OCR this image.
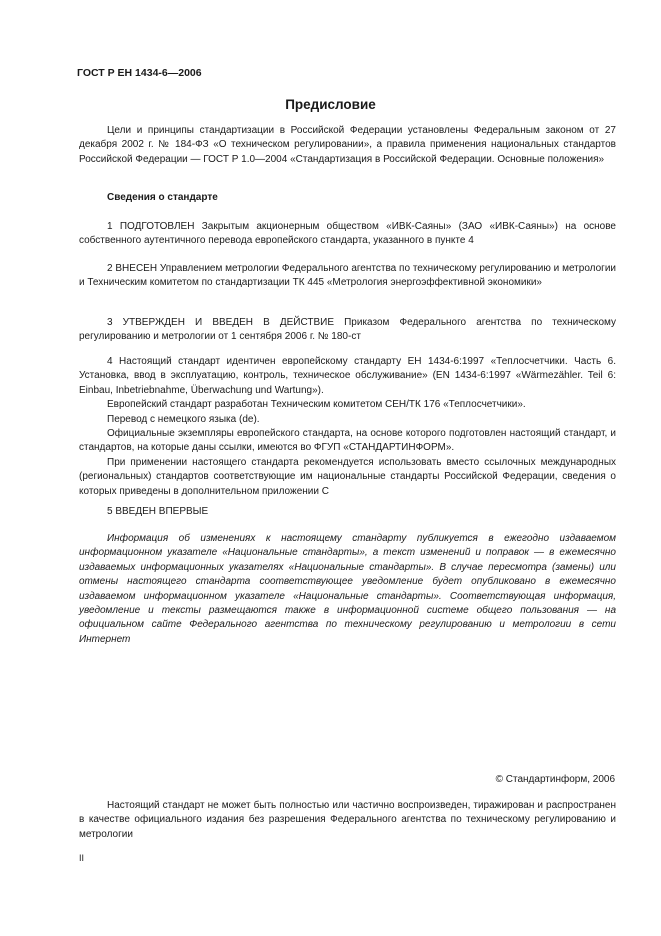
ГОСТ Р ЕН 1434-6—2006
Предисловие

Цели и принципы стандартизации в Российской Федерации установлены Федеральным законом от 27 декабря 2002 г. № 184-ФЗ «О техническом регулировании», а правила применения национальных стандартов Российской Федерации — ГОСТ Р 1.0—2004 «Стандартизация в Российской Федерации. Основные положения»

Сведения о стандарте

1 ПОДГОТОВЛЕН Закрытым акционерным обществом «ИВК-Саяны» (ЗАО «ИВК-Саяны») на основе собственного аутентичного перевода европейского стандарта, указанного в пункте 4

2 ВНЕСЕН Управлением метрологии Федерального агентства по техническому регулированию и метрологии и Техническим комитетом по стандартизации ТК 445 «Метрология энергоэффективной экономики»

3 УТВЕРЖДЕН И ВВЕДЕН В ДЕЙСТВИЕ Приказом Федерального агентства по техническому регулированию и метрологии от 1 сентября 2006 г. № 180-ст

4 Настоящий стандарт идентичен европейскому стандарту ЕН 1434-6:1997 «Теплосчетчики. Часть 6. Установка, ввод в эксплуатацию, контроль, техническое обслуживание» (EN 1434-6:1997 «Wärmezähler. Teil 6: Einbau, Inbetriebnahme, Überwachung und Wartung»).

Европейский стандарт разработан Техническим комитетом СЕН/ТК 176 «Теплосчетчики».

Перевод с немецкого языка (de).

Официальные экземпляры европейского стандарта, на основе которого подготовлен настоящий стандарт, и стандартов, на которые даны ссылки, имеются во ФГУП «СТАНДАРТИНФОРМ».

При применении настоящего стандарта рекомендуется использовать вместо ссылочных международных (региональных) стандартов соответствующие им национальные стандарты Российской Федерации, сведения о которых приведены в дополнительном приложении С

5 ВВЕДЕН ВПЕРВЫЕ

Информация об изменениях к настоящему стандарту публикуется в ежегодно издаваемом информационном указателе «Национальные стандарты», а текст изменений и поправок — в ежемесячно издаваемых информационных указателях «Национальные стандарты». В случае пересмотра (замены) или отмены настоящего стандарта соответствующее уведомление будет опубликовано в ежемесячно издаваемом информационном указателе «Национальные стандарты». Соответствующая информация, уведомление и тексты размещаются также в информационной системе общего пользования — на официальном сайте Федерального агентства по техническому регулированию и метрологии в сети Интернет

© Стандартинформ, 2006

Настоящий стандарт не может быть полностью или частично воспроизведен, тиражирован и распространен в качестве официального издания без разрешения Федерального агентства по техническому регулированию и метрологии

II
